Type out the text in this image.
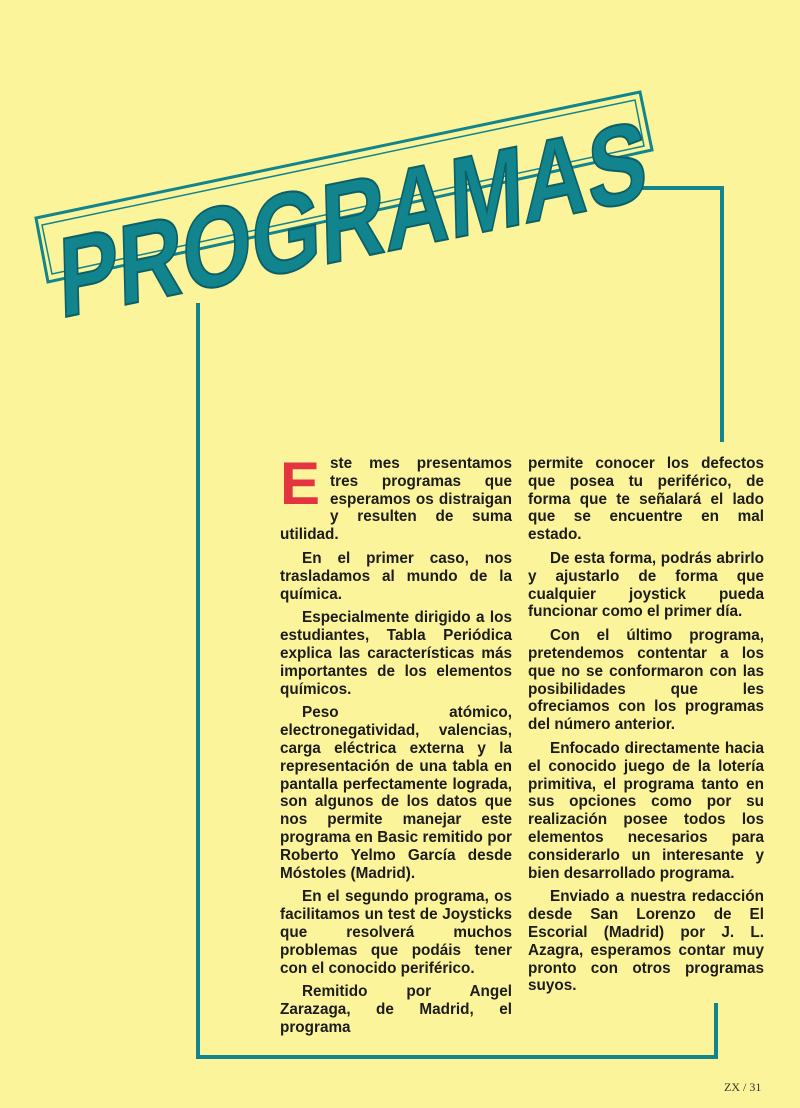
PROGRAMAS

Este mes presentamos tres programas que esperamos os distraigan y resulten de suma utilidad.

En el primer caso, nos trasladamos al mundo de la química.

Especialmente dirigido a los estudiantes, Tabla Periódica explica las características más importantes de los elementos químicos.

Peso atómico, electronegatividad, valencias, carga eléctrica externa y la representación de una tabla en pantalla perfectamente lograda, son algunos de los datos que nos permite manejar este programa en Basic remitido por Roberto Yelmo García desde Móstoles (Madrid).

En el segundo programa, os facilitamos un test de Joysticks que resolverá muchos problemas que podáis tener con el conocido periférico.

Remitido por Angel Zarazaga, de Madrid, el programa

permite conocer los defectos que posea tu periférico, de forma que te señalará el lado que se encuentre en mal estado.

De esta forma, podrás abrirlo y ajustarlo de forma que cualquier joystick pueda funcionar como el primer día.

Con el último programa, pretendemos contentar a los que no se conformaron con las posibilidades que les ofreciamos con los programas del número anterior.

Enfocado directamente hacia el conocido juego de la lotería primitiva, el programa tanto en sus opciones como por su realización posee todos los elementos necesarios para considerarlo un interesante y bien desarrollado programa.

Enviado a nuestra redacción desde San Lorenzo de El Escorial (Madrid) por J. L. Azagra, esperamos contar muy pronto con otros programas suyos.

ZX / 31
